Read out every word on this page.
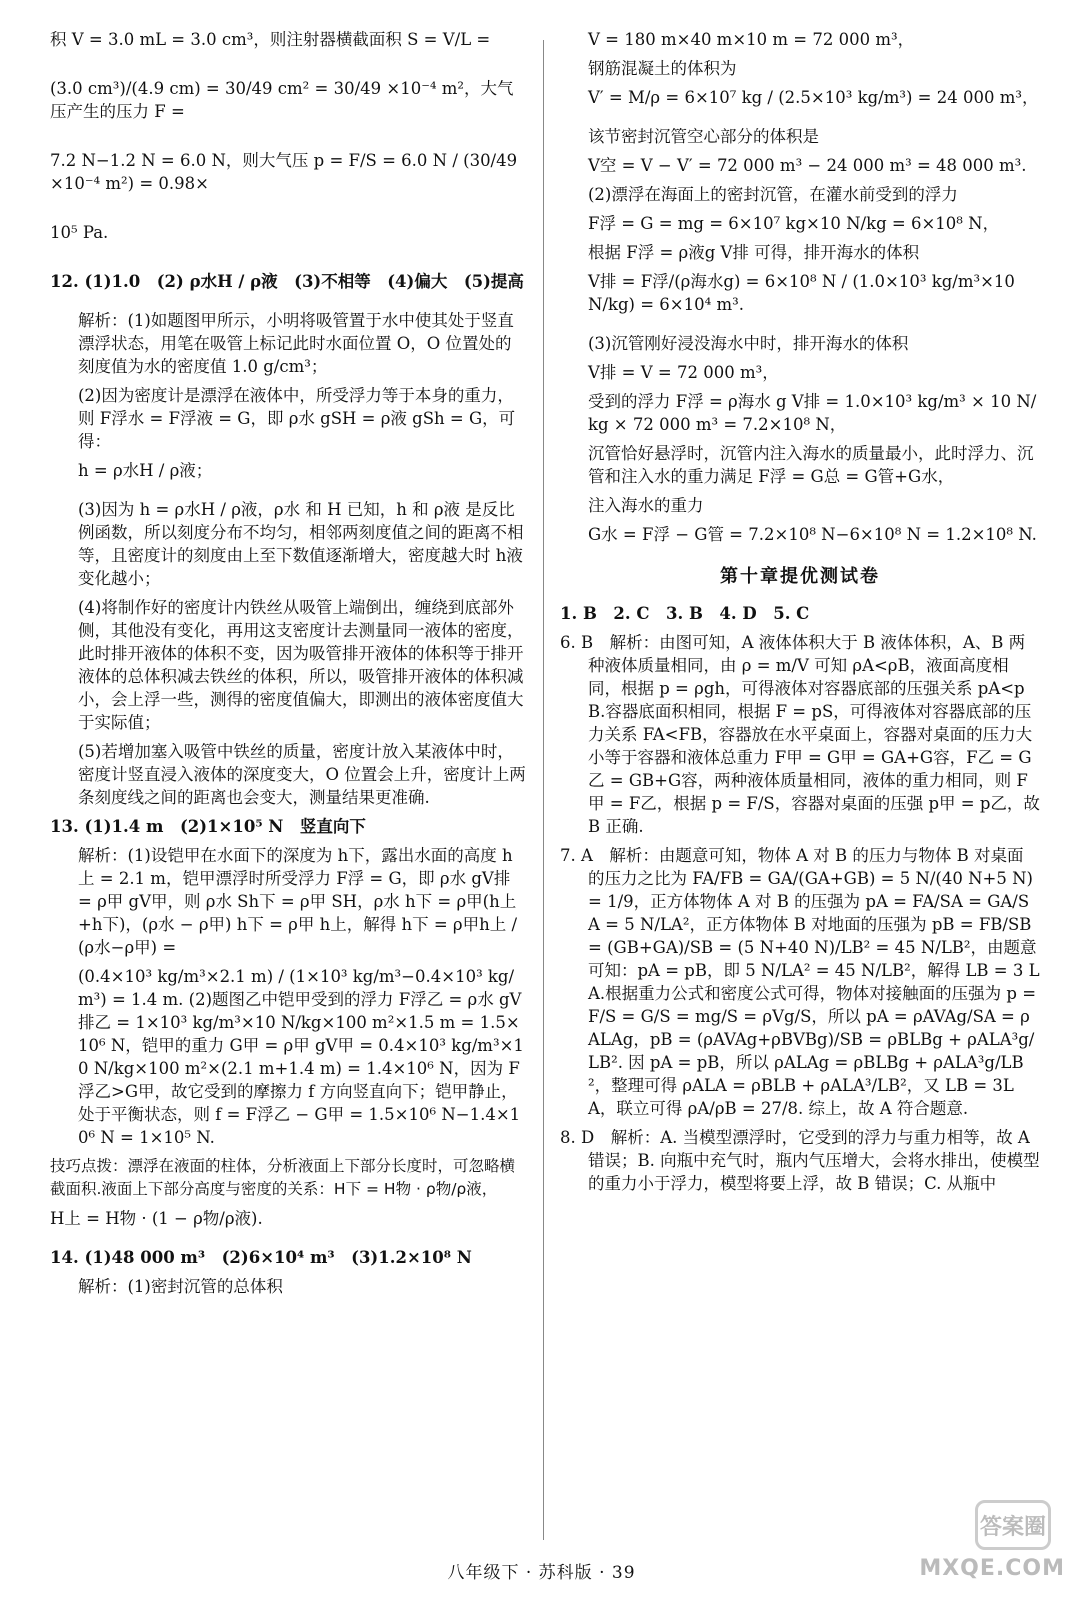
积 V = 3.0 mL = 3.0 cm³，则注射器横截面积 S = V/L =

(3.0 cm³)/(4.9 cm) = 30/49 cm² = 30/49 ×10⁻⁴ m²，大气压产生的压力 F =

7.2 N−1.2 N = 6.0 N，则大气压 p = F/S = 6.0 N / (30/49 ×10⁻⁴ m²) = 0.98×

10⁵ Pa.

12. (1)1.0　(2) ρ水H / ρ液　(3)不相等　(4)偏大　(5)提高

解析：(1)如题图甲所示，小明将吸管置于水中使其处于竖直漂浮状态，用笔在吸管上标记此时水面位置 O，O 位置处的刻度值为水的密度值 1.0 g/cm³；

(2)因为密度计是漂浮在液体中，所受浮力等于本身的重力，则 F浮水 = F浮液 = G，即 ρ水 gSH = ρ液 gSh = G，可得：

h = ρ水H / ρ液；

(3)因为 h = ρ水H / ρ液，ρ水 和 H 已知，h 和 ρ液 是反比例函数，所以刻度分布不均匀，相邻两刻度值之间的距离不相等，且密度计的刻度由上至下数值逐渐增大，密度越大时 h液 变化越小；

(4)将制作好的密度计内铁丝从吸管上端倒出，缠绕到底部外侧，其他没有变化，再用这支密度计去测量同一液体的密度，此时排开液体的体积不变，因为吸管排开液体的体积等于排开液体的总体积减去铁丝的体积，所以，吸管排开液体的体积减小，会上浮一些，测得的密度值偏大，即测出的液体密度值大于实际值；

(5)若增加塞入吸管中铁丝的质量，密度计放入某液体中时，密度计竖直浸入液体的深度变大，O 位置会上升，密度计上两条刻度线之间的距离也会变大，测量结果更准确.

13. (1)1.4 m　(2)1×10⁵ N　竖直向下

解析：(1)设铠甲在水面下的深度为 h下，露出水面的高度 h上 = 2.1 m，铠甲漂浮时所受浮力 F浮 = G，即 ρ水 gV排 = ρ甲 gV甲，则 ρ水 Sh下 = ρ甲 SH，ρ水 h下 = ρ甲(h上+h下)，(ρ水 − ρ甲) h下 = ρ甲 h上，解得 h下 = ρ甲h上 / (ρ水−ρ甲) =

(0.4×10³ kg/m³×2.1 m) / (1×10³ kg/m³−0.4×10³ kg/m³) = 1.4 m. (2)题图乙中铠甲受到的浮力 F浮乙 = ρ水 gV排乙 = 1×10³ kg/m³×10 N/kg×100 m²×1.5 m = 1.5×10⁶ N，铠甲的重力 G甲 = ρ甲 gV甲 = 0.4×10³ kg/m³×10 N/kg×100 m²×(2.1 m+1.4 m) = 1.4×10⁶ N，因为 F浮乙>G甲，故它受到的摩擦力 f 方向竖直向下；铠甲静止，处于平衡状态，则 f = F浮乙 − G甲 = 1.5×10⁶ N−1.4×10⁶ N = 1×10⁵ N.

技巧点拨：漂浮在液面的柱体，分析液面上下部分长度时，可忽略横截面积.液面上下部分高度与密度的关系：H下 = H物 · ρ物/ρ液，

H上 = H物 · (1 − ρ物/ρ液).

14. (1)48 000 m³　(2)6×10⁴ m³　(3)1.2×10⁸ N

解析：(1)密封沉管的总体积

V = 180 m×40 m×10 m = 72 000 m³，

钢筋混凝土的体积为

V′ = M/ρ = 6×10⁷ kg / (2.5×10³ kg/m³) = 24 000 m³，

该节密封沉管空心部分的体积是

V空 = V − V′ = 72 000 m³ − 24 000 m³ = 48 000 m³.

(2)漂浮在海面上的密封沉管，在灌水前受到的浮力

F浮 = G = mg = 6×10⁷ kg×10 N/kg = 6×10⁸ N，

根据 F浮 = ρ液g V排 可得，排开海水的体积

V排 = F浮/(ρ海水g) = 6×10⁸ N / (1.0×10³ kg/m³×10 N/kg) = 6×10⁴ m³.

(3)沉管刚好浸没海水中时，排开海水的体积

V排 = V = 72 000 m³，

受到的浮力 F浮 = ρ海水 g V排 = 1.0×10³ kg/m³ × 10 N/kg × 72 000 m³ = 7.2×10⁸ N，

沉管恰好悬浮时，沉管内注入海水的质量最小，此时浮力、沉管和注入水的重力满足 F浮 = G总 = G管+G水，

注入海水的重力

G水 = F浮 − G管 = 7.2×10⁸ N−6×10⁸ N = 1.2×10⁸ N.

第十章提优测试卷

1. B　2. C　3. B　4. D　5. C

6. B　解析：由图可知，A 液体体积大于 B 液体体积，A、B 两种液体质量相同，由 ρ = m/V 可知 ρA<ρB，液面高度相同，根据 p = ρgh，可得液体对容器底部的压强关系 pA<pB.容器底面积相同，根据 F = pS，可得液体对容器底部的压力关系 FA<FB，容器放在水平桌面上，容器对桌面的压力大小等于容器和液体总重力 F甲 = G甲 = GA+G容，F乙 = G乙 = GB+G容，两种液体质量相同，液体的重力相同，则 F甲 = F乙，根据 p = F/S，容器对桌面的压强 p甲 = p乙，故 B 正确.

7. A　解析：由题意可知，物体 A 对 B 的压力与物体 B 对桌面的压力之比为 FA/FB = GA/(GA+GB) = 5 N/(40 N+5 N) = 1/9，正方体物体 A 对 B 的压强为 pA = FA/SA = GA/SA = 5 N/LA²，正方体物体 B 对地面的压强为 pB = FB/SB = (GB+GA)/SB = (5 N+40 N)/LB² = 45 N/LB²，由题意可知：pA = pB，即 5 N/LA² = 45 N/LB²，解得 LB = 3 LA.根据重力公式和密度公式可得，物体对接触面的压强为 p = F/S = G/S = mg/S = ρVg/S，所以 pA = ρAVAg/SA = ρALAg，pB = (ρAVAg+ρBVBg)/SB = ρBLBg + ρALA³g/LB². 因 pA = pB，所以 ρALAg = ρBLBg + ρALA³g/LB²，整理可得 ρALA = ρBLB + ρALA³/LB²，又 LB = 3LA，联立可得 ρA/ρB = 27/8. 综上，故 A 符合题意.

8. D　解析：A. 当模型漂浮时，它受到的浮力与重力相等，故 A 错误；B. 向瓶中充气时，瓶内气压增大，会将水排出，使模型的重力小于浮力，模型将要上浮，故 B 错误；C. 从瓶中

八年级下 · 苏科版 · 39
答案圈
MXQE.COM
